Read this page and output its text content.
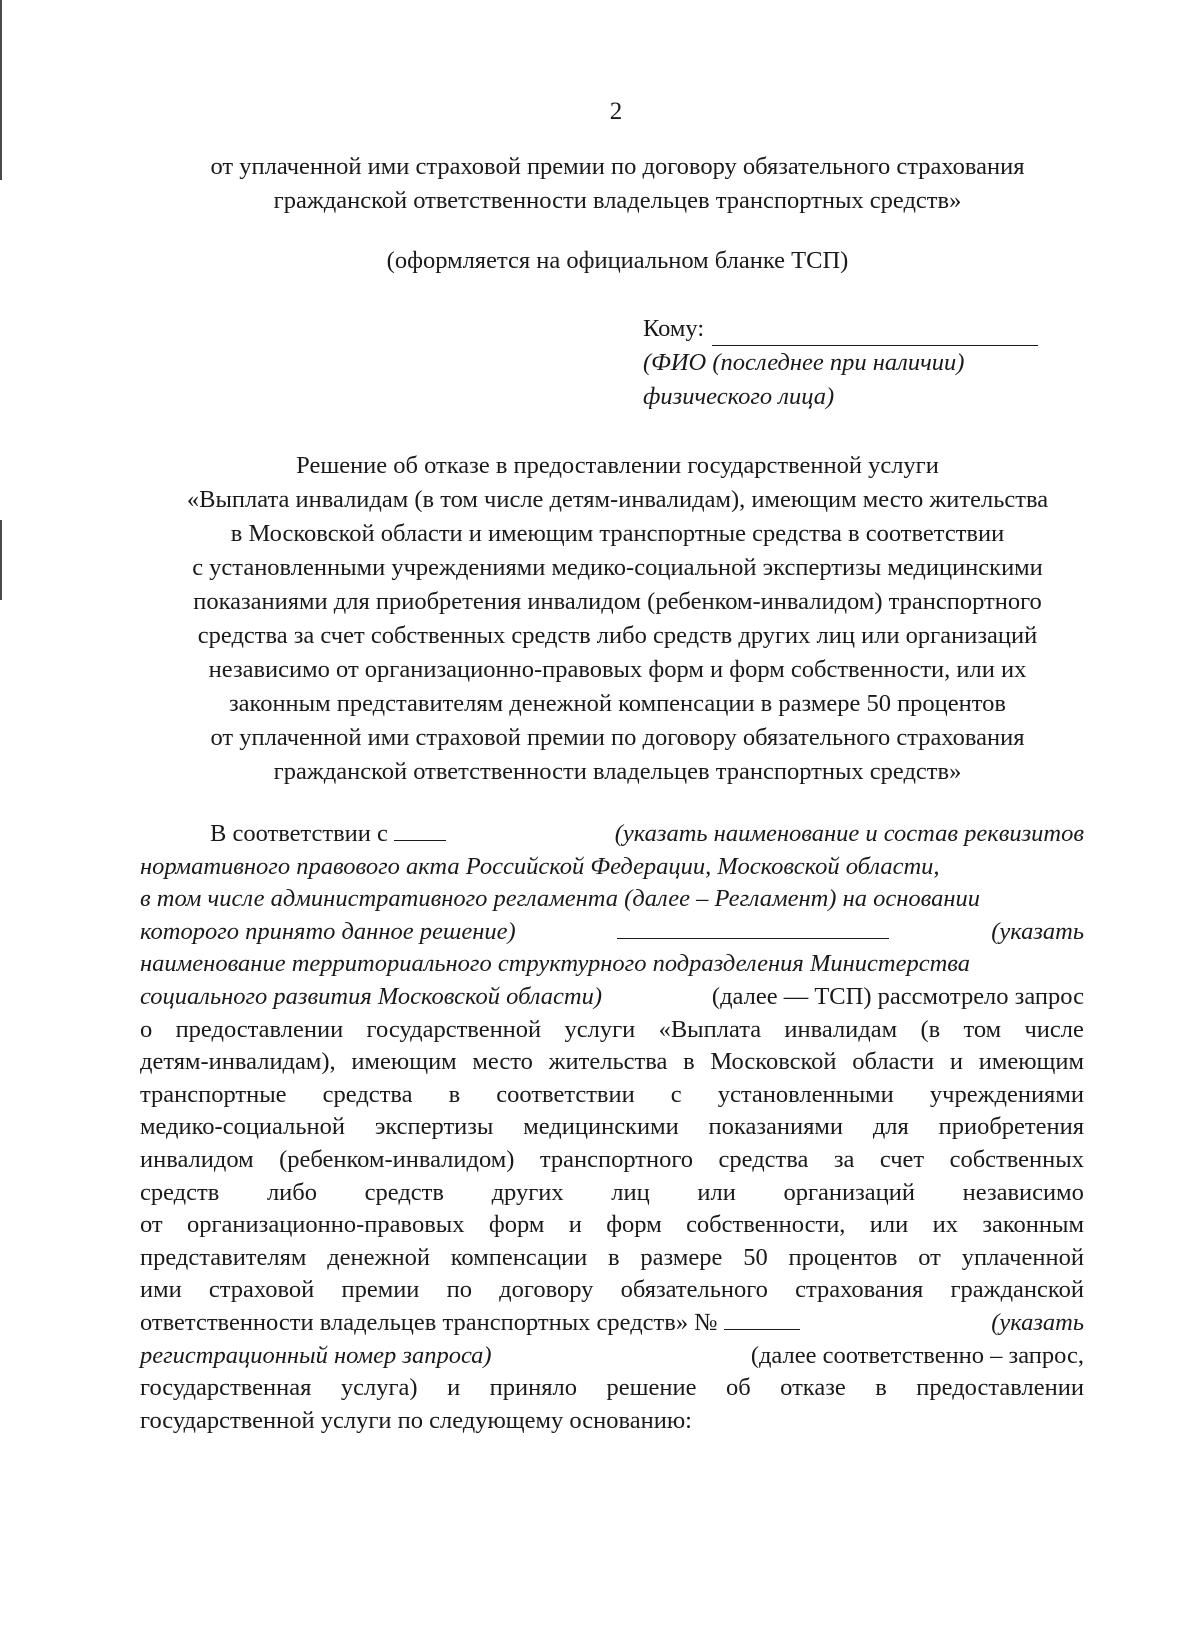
2
от уплаченной ими страховой премии по договору обязательного страхования
гражданской ответственности владельцев транспортных средств»
(оформляется на официальном бланке ТСП)
Кому:
(ФИО (последнее при наличии)
физического лица)
Решение об отказе в предоставлении государственной услуги
«Выплата инвалидам (в том числе детям-инвалидам), имеющим место жительства
в Московской области и имеющим транспортные средства в соответствии
с установленными учреждениями медико-социальной экспертизы медицинскими
показаниями для приобретения инвалидом (ребенком-инвалидом) транспортного
средства за счет собственных средств либо средств других лиц или организаций
независимо от организационно-правовых форм и форм собственности, или их
законным представителям денежной компенсации в размере 50 процентов
от уплаченной ими страховой премии по договору обязательного страхования
гражданской ответственности владельцев транспортных средств»
В соответствии с	(указать наименование и состав реквизитов
нормативного правового акта Российской Федерации, Московской области,
в том числе административного регламента (далее – Регламент) на основании
которого принято данное решение)	(указать
наименование территориального структурного подразделения Министерства
социального развития Московской области)	(далее — ТСП) рассмотрело запрос
о предоставлении государственной услуги «Выплата инвалидам (в том числе
детям-инвалидам), имеющим место жительства в Московской области и имеющим
транспортные средства в соответствии с установленными учреждениями
медико-социальной экспертизы медицинскими показаниями для приобретения
инвалидом (ребенком-инвалидом) транспортного средства за счет собственных
средств либо средств других лиц или организаций независимо
от организационно-правовых форм и форм собственности, или их законным
представителям денежной компенсации в размере 50 процентов от уплаченной
ими страховой премии по договору обязательного страхования гражданской
ответственности владельцев транспортных средств» №	(указать
регистрационный номер запроса)	(далее соответственно – запрос,
государственная услуга) и приняло решение об отказе в предоставлении
государственной услуги по следующему основанию:
